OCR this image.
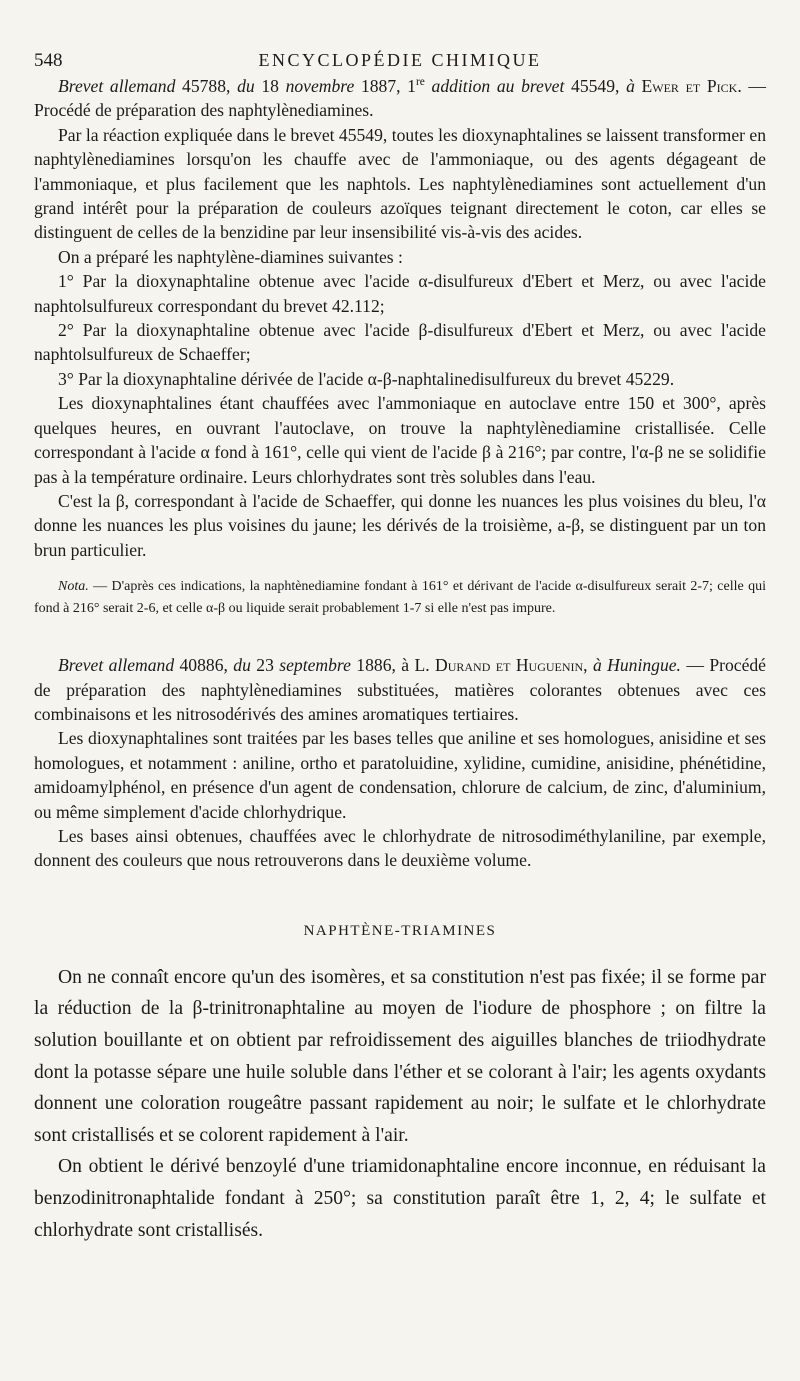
548	ENCYCLOPÉDIE CHIMIQUE

Brevet allemand 45788, du 18 novembre 1887, 1re addition au brevet 45549, à Ewer et Pick. — Procédé de préparation des naphtylènediamines.

Par la réaction expliquée dans le brevet 45549, toutes les dioxynaphtalines se laissent transformer en naphtylènediamines lorsqu'on les chauffe avec de l'ammoniaque, ou des agents dégageant de l'ammoniaque, et plus facilement que les naphtols. Les naphtylènediamines sont actuellement d'un grand intérêt pour la préparation de couleurs azoïques teignant directement le coton, car elles se distinguent de celles de la benzidine par leur insensibilité vis-à-vis des acides.

On a préparé les naphtylène-diamines suivantes :

1° Par la dioxynaphtaline obtenue avec l'acide α-disulfureux d'Ebert et Merz, ou avec l'acide naphtolsulfureux correspondant du brevet 42.112;

2° Par la dioxynaphtaline obtenue avec l'acide β-disulfureux d'Ebert et Merz, ou avec l'acide naphtolsulfureux de Schaeffer;

3° Par la dioxynaphtaline dérivée de l'acide α-β-naphtalinedisulfureux du brevet 45229.

Les dioxynaphtalines étant chauffées avec l'ammoniaque en autoclave entre 150 et 300°, après quelques heures, en ouvrant l'autoclave, on trouve la naphtylènediamine cristallisée. Celle correspondant à l'acide α fond à 161°, celle qui vient de l'acide β à 216°; par contre, l'α-β ne se solidifie pas à la température ordinaire. Leurs chlorhydrates sont très solubles dans l'eau.

C'est la β, correspondant à l'acide de Schaeffer, qui donne les nuances les plus voisines du bleu, l'α donne les nuances les plus voisines du jaune; les dérivés de la troisième, a-β, se distinguent par un ton brun particulier.

Nota. — D'après ces indications, la naphtènediamine fondant à 161° et dérivant de l'acide α-disulfureux serait 2-7; celle qui fond à 216° serait 2-6, et celle α-β ou liquide serait probablement 1-7 si elle n'est pas impure.

Brevet allemand 40886, du 23 septembre 1886, à L. Durand et Huguenin, à Huningue. — Procédé de préparation des naphtylènediamines substituées, matières colorantes obtenues avec ces combinaisons et les nitrosodérivés des amines aromatiques tertiaires.

Les dioxynaphtalines sont traitées par les bases telles que aniline et ses homologues, anisidine et ses homologues, et notamment : aniline, ortho et paratoluidine, xylidine, cumidine, anisidine, phénétidine, amidoamylphénol, en présence d'un agent de condensation, chlorure de calcium, de zinc, d'aluminium, ou même simplement d'acide chlorhydrique.

Les bases ainsi obtenues, chauffées avec le chlorhydrate de nitrosodiméthylaniline, par exemple, donnent des couleurs que nous retrouverons dans le deuxième volume.

NAPHTÈNE-TRIAMINES

On ne connaît encore qu'un des isomères, et sa constitution n'est pas fixée; il se forme par la réduction de la β-trinitronaphtaline au moyen de l'iodure de phosphore ; on filtre la solution bouillante et on obtient par refroidissement des aiguilles blanches de triiodhydrate dont la potasse sépare une huile soluble dans l'éther et se colorant à l'air; les agents oxydants donnent une coloration rougeâtre passant rapidement au noir; le sulfate et le chlorhydrate sont cristallisés et se colorent rapidement à l'air.

On obtient le dérivé benzoylé d'une triamidonaphtaline encore inconnue, en réduisant la benzodinitronaphtalide fondant à 250°; sa constitution paraît être 1, 2, 4; le sulfate et chlorhydrate sont cristallisés.
